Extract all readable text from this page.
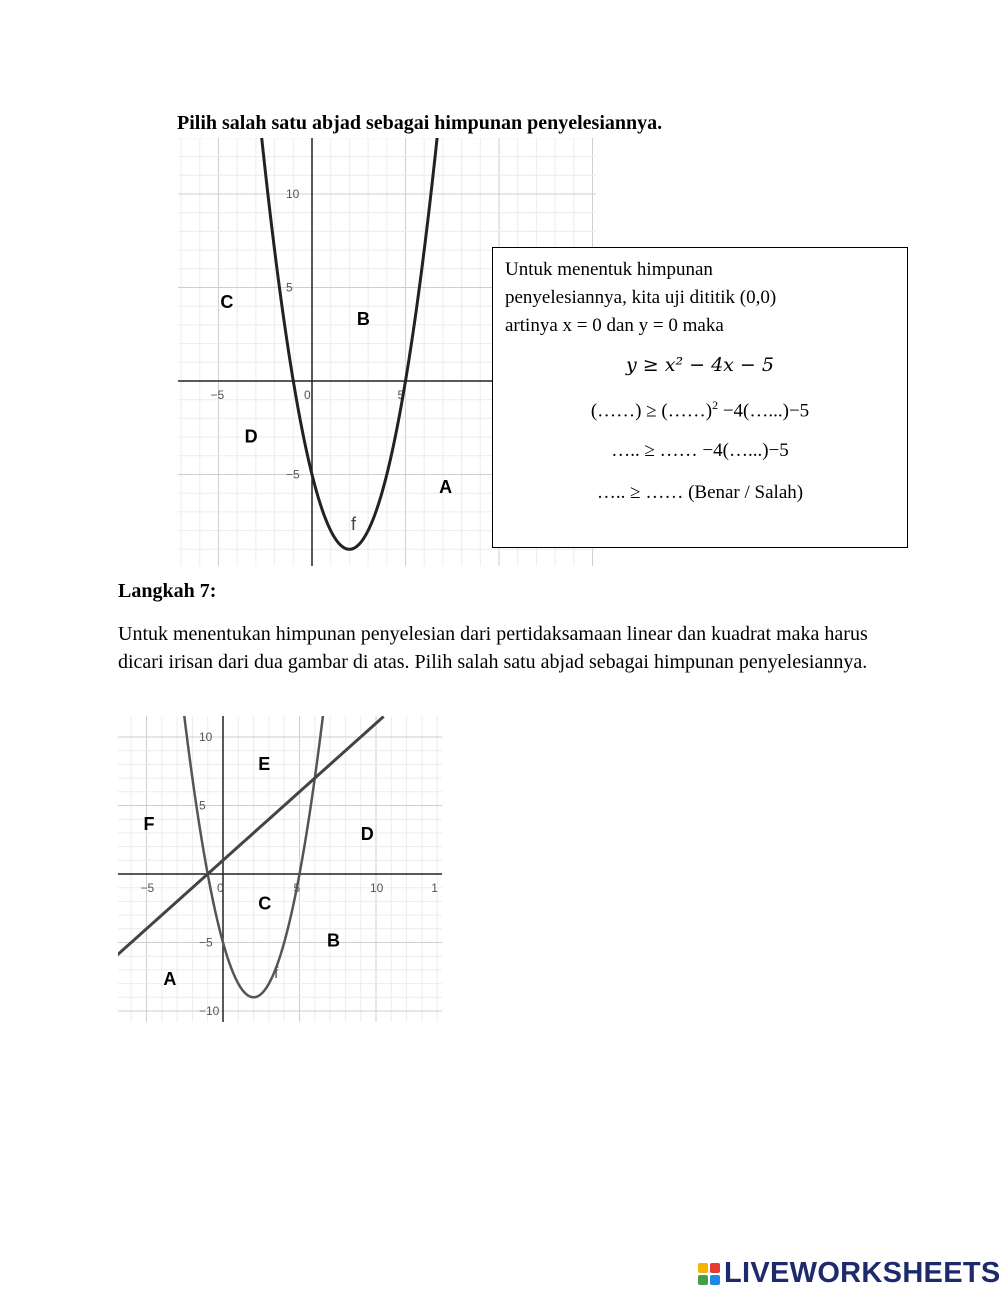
Pilih salah satu abjad sebagai himpunan penyelesiannya.
−5	0	5
10
5
−5
f
C
B
D
A
Untuk menentuk himpunan
penyelesiannya, kita uji dititik (0,0)
artinya x = 0 dan y = 0 maka
y ≥ x² − 4x − 5
(……) ≥ (……)$^2$ −4(…...)−5
….. ≥ …… −4(…...)−5
….. ≥ …… (Benar / Salah)
Langkah 7:
Untuk menentukan himpunan penyelesian dari pertidaksamaan linear dan kuadrat maka harus dicari irisan dari dua gambar di atas. Pilih salah satu abjad sebagai himpunan penyelesiannya.
−5	0	5	10	1
10
5
−5
−10
f
E
F	D
C
B
A
LIVEWORKSHEETS
